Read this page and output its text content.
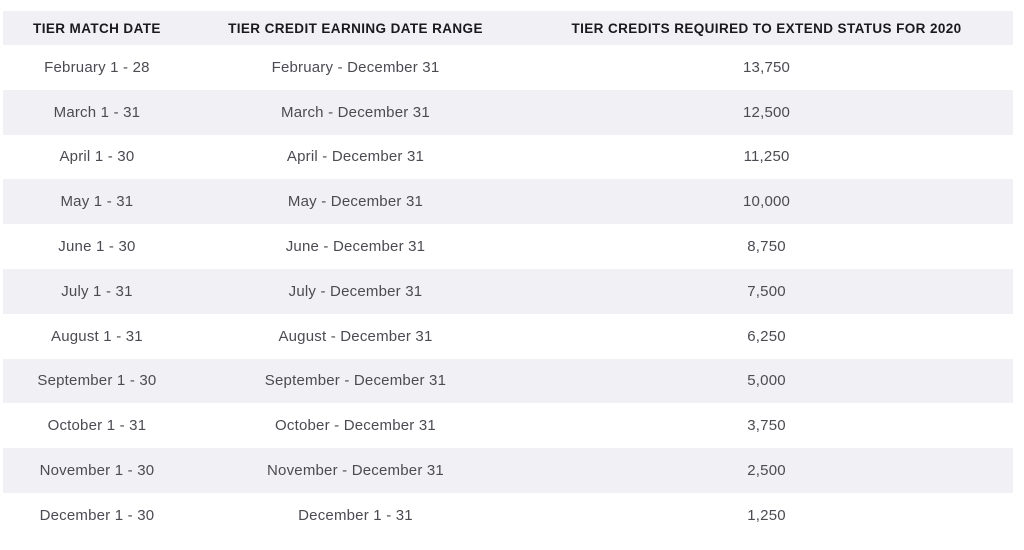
TIER MATCH DATE	TIER CREDIT EARNING DATE RANGE	TIER CREDITS REQUIRED TO EXTEND STATUS FOR 2020
February 1 - 28	February - December 31	13,750
March 1 - 31	March - December 31	12,500
April 1 - 30	April - December 31	11,250
May 1 - 31	May - December 31	10,000
June 1 - 30	June - December 31	8,750
July 1 - 31	July - December 31	7,500
August 1 - 31	August - December 31	6,250
September 1 - 30	September - December 31	5,000
October 1 - 31	October - December 31	3,750
November 1 - 30	November - December 31	2,500
December 1 - 30	December 1 - 31	1,250
